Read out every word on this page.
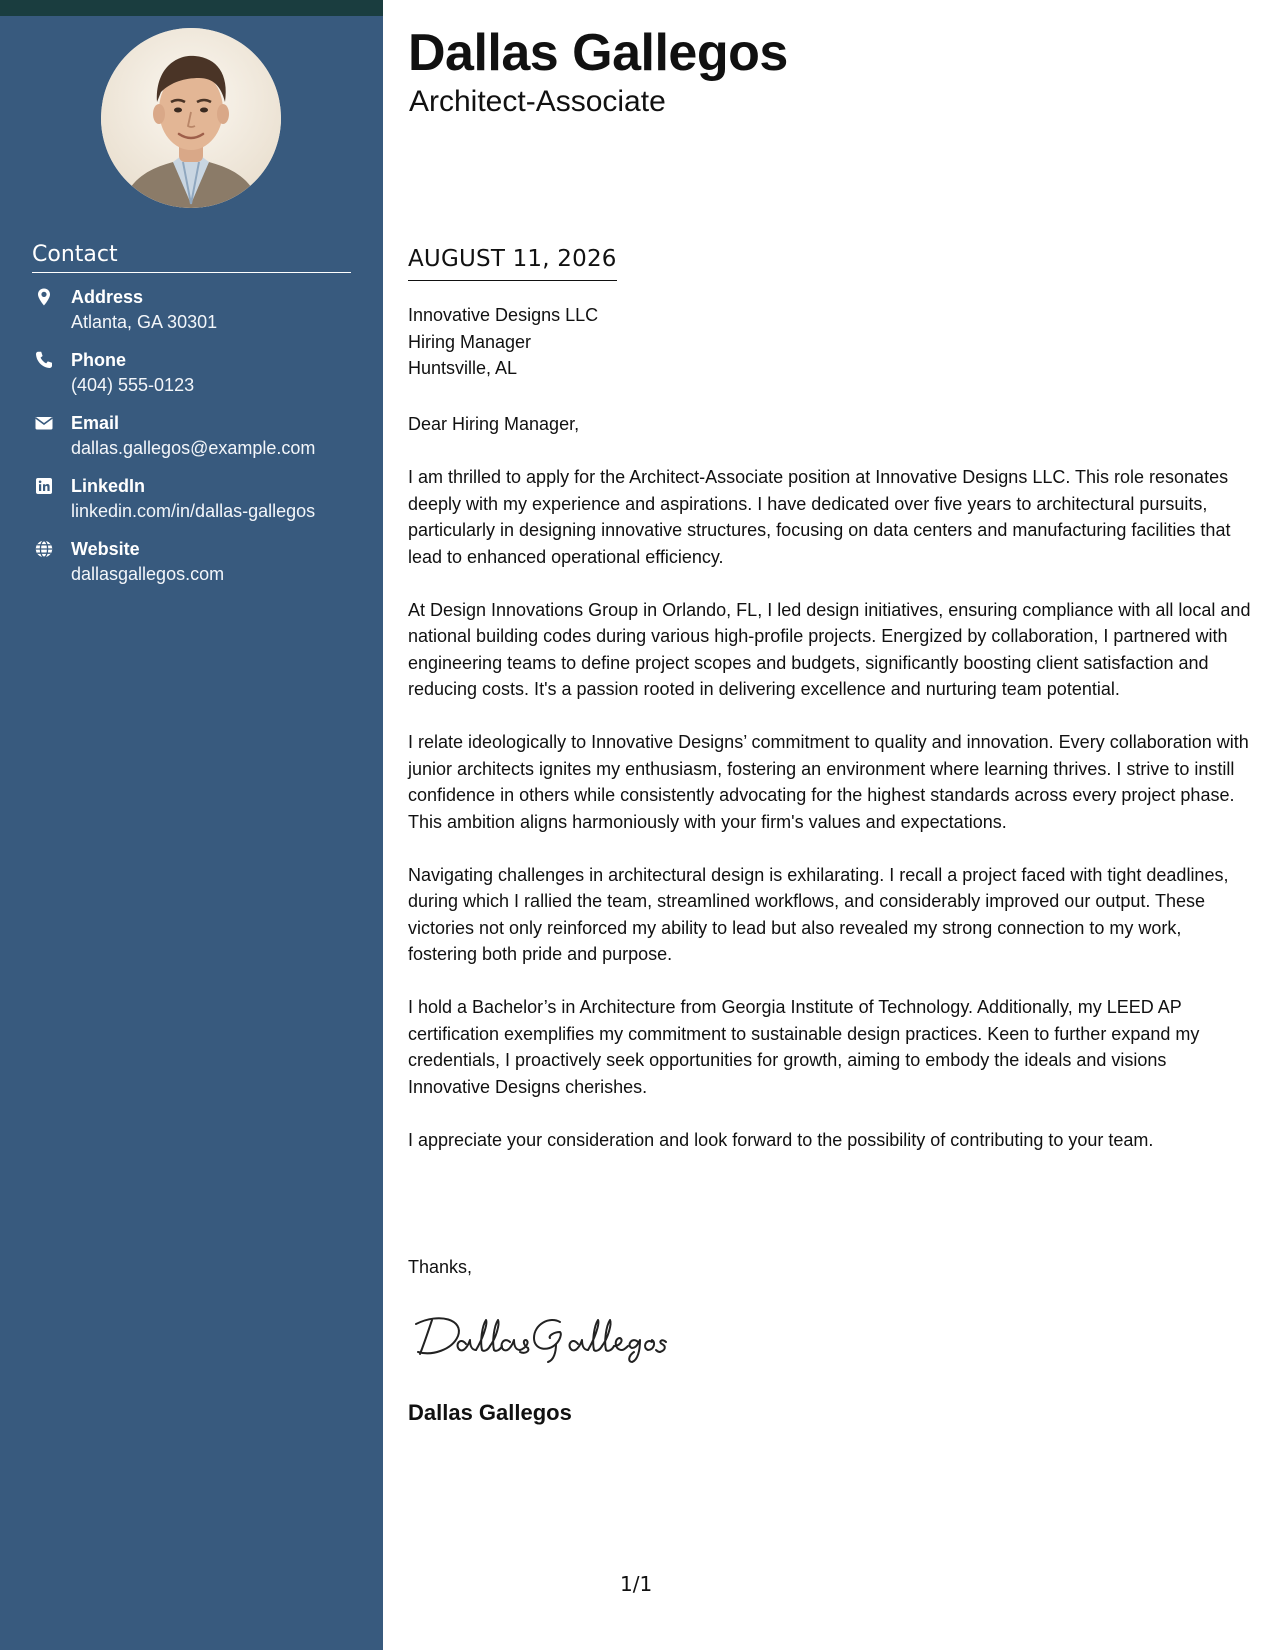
Contact
Address
Atlanta, GA 30301
Phone
(404) 555-0123
Email
dallas.gallegos@example.com
LinkedIn
linkedin.com/in/dallas-gallegos
Website
dallasgallegos.com
Dallas Gallegos
Architect-Associate
AUGUST 11, 2026
Innovative Designs LLC
Hiring Manager
Huntsville, AL

Dear Hiring Manager,

I am thrilled to apply for the Architect-Associate position at Innovative Designs LLC. This role resonates deeply with my experience and aspirations. I have dedicated over five years to architectural pursuits, particularly in designing innovative structures, focusing on data centers and manufacturing facilities that lead to enhanced operational efficiency.

At Design Innovations Group in Orlando, FL, I led design initiatives, ensuring compliance with all local and national building codes during various high-profile projects. Energized by collaboration, I partnered with engineering teams to define project scopes and budgets, significantly boosting client satisfaction and reducing costs. It's a passion rooted in delivering excellence and nurturing team potential.

I relate ideologically to Innovative Designs’ commitment to quality and innovation. Every collaboration with junior architects ignites my enthusiasm, fostering an environment where learning thrives. I strive to instill confidence in others while consistently advocating for the highest standards across every project phase. This ambition aligns harmoniously with your firm's values and expectations.

Navigating challenges in architectural design is exhilarating. I recall a project faced with tight deadlines, during which I rallied the team, streamlined workflows, and considerably improved our output. These victories not only reinforced my ability to lead but also revealed my strong connection to my work, fostering both pride and purpose.

I hold a Bachelor’s in Architecture from Georgia Institute of Technology. Additionally, my LEED AP certification exemplifies my commitment to sustainable design practices. Keen to further expand my credentials, I proactively seek opportunities for growth, aiming to embody the ideals and visions Innovative Designs cherishes.

I appreciate your consideration and look forward to the possibility of contributing to your team.

Thanks,
Dallas Gallegos
1/1
